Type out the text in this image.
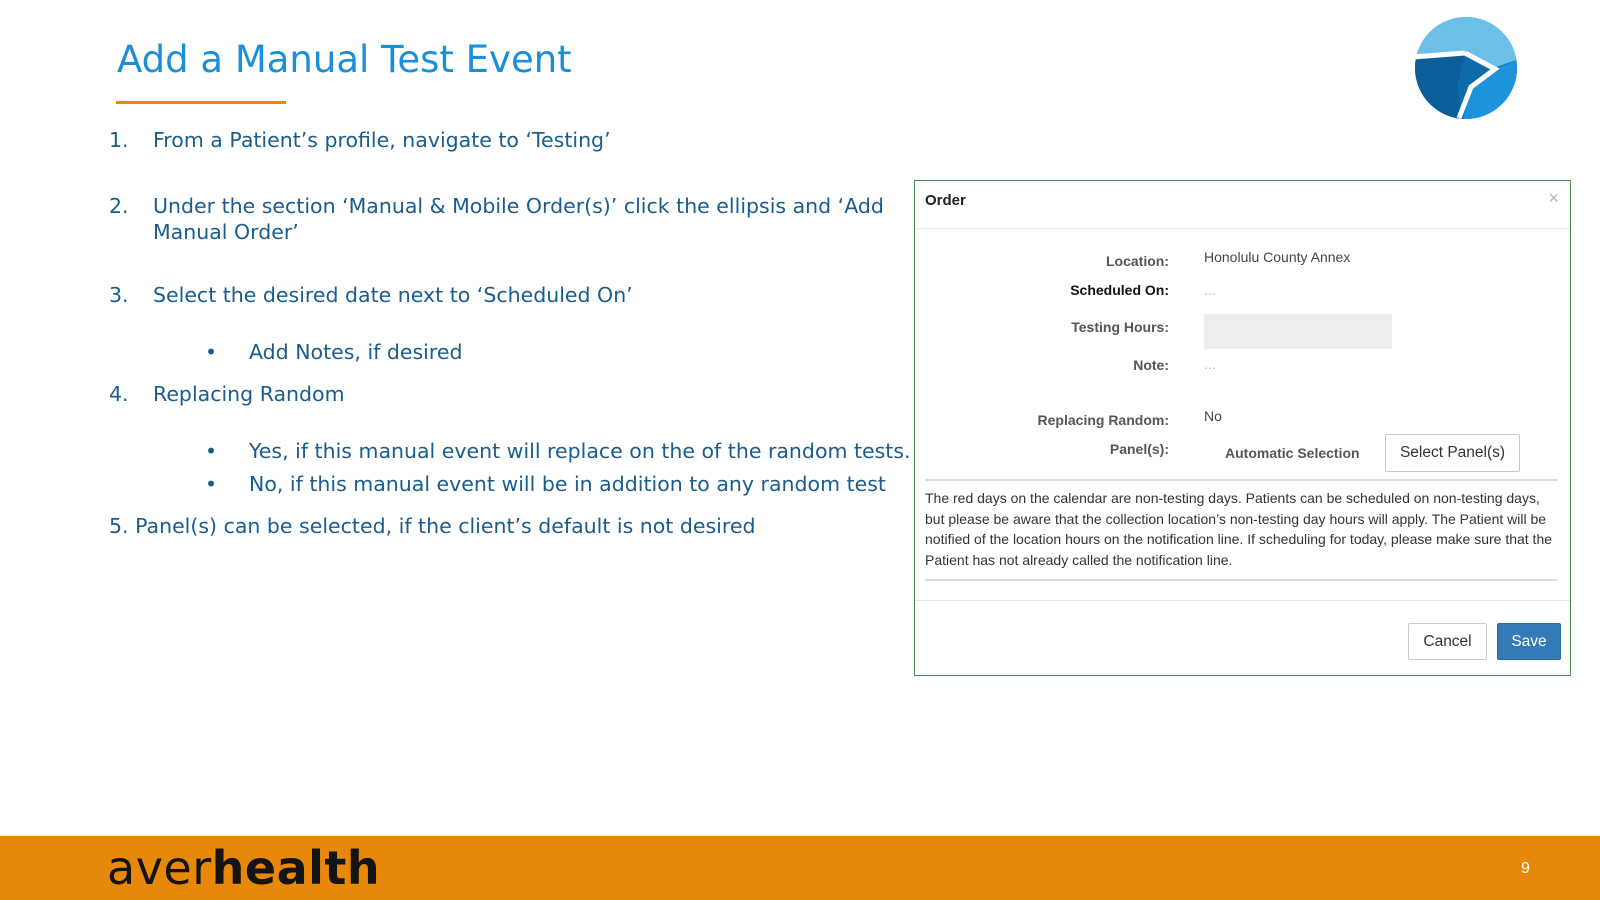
Add a Manual Test Event
1. From a Patient’s profile, navigate to ‘Testing’
2. Under the section ‘Manual & Mobile Order(s)’ click the ellipsis and ‘Add Manual Order’
3. Select the desired date next to ‘Scheduled On’
• Add Notes, if desired
4. Replacing Random
• Yes, if this manual event will replace on the of the random tests.
• No, if this manual event will be in addition to any random test
5. Panel(s) can be selected, if the client’s default is not desired
Order	×
Location:	Honolulu County Annex
Scheduled On:	...
Testing Hours:
Note:	...
Replacing Random:	No
Panel(s):	Automatic Selection	Select Panel(s)
The red days on the calendar are non-testing days. Patients can be scheduled on non-testing days, but please be aware that the collection location’s non-testing day hours will apply. The Patient will be notified of the location hours on the notification line. If scheduling for today, please make sure that the Patient has not already called the notification line.
Cancel	Save
aver health	9
